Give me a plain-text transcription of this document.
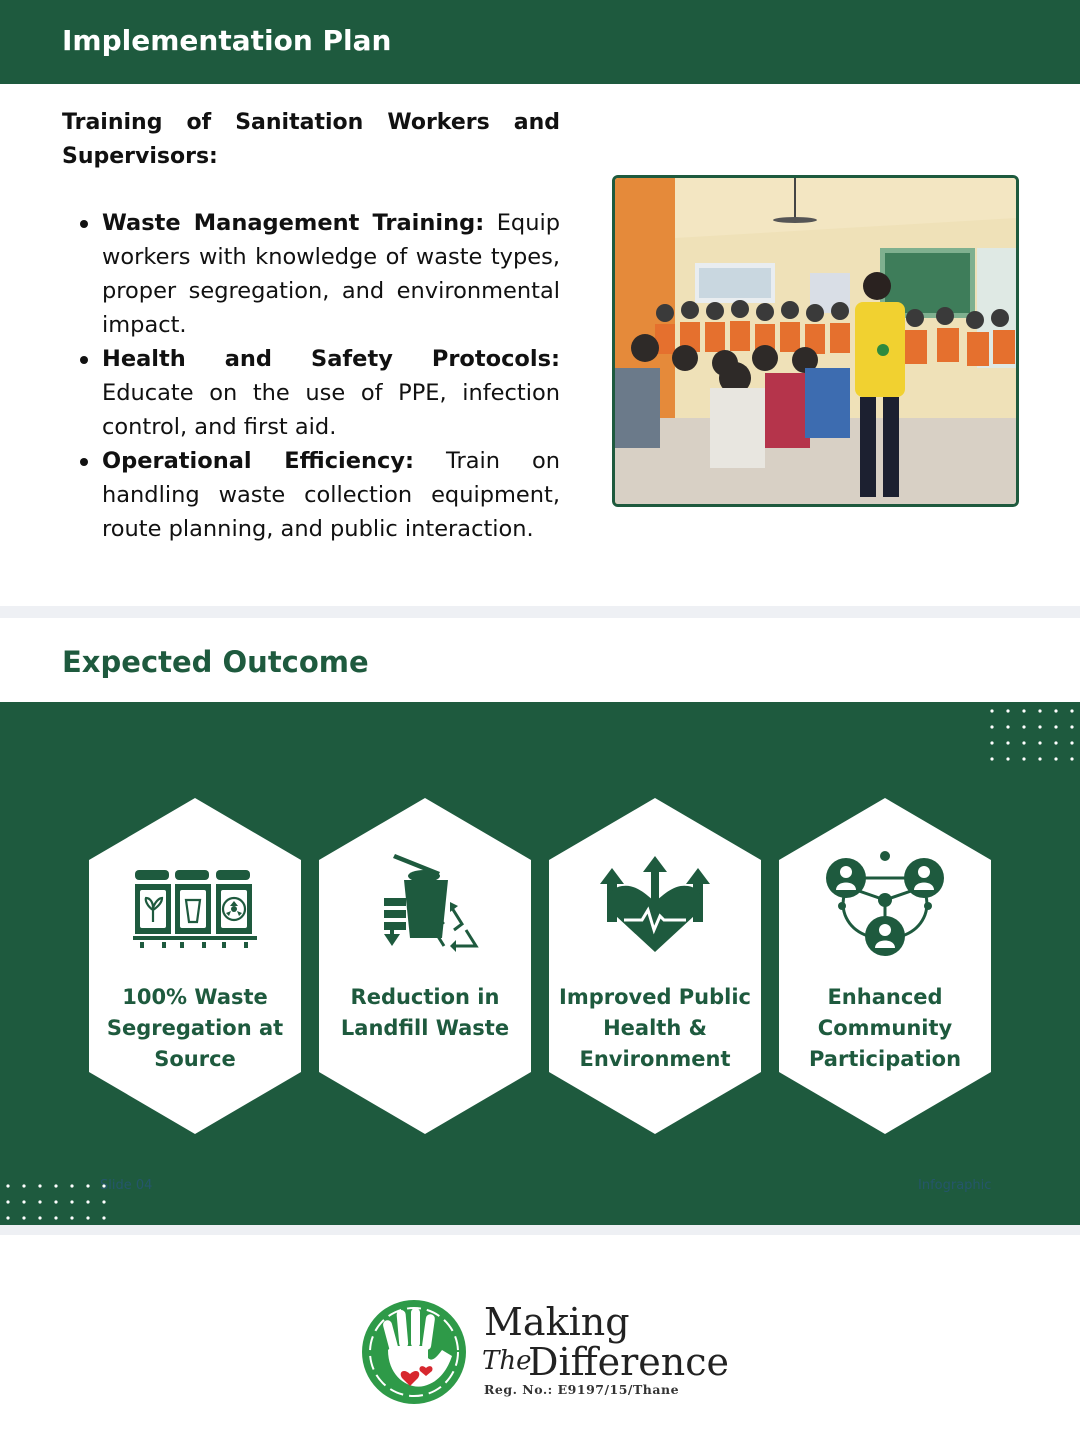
Implementation Plan
Training of Sanitation Workers and
Supervisors:
Waste Management Training: Equip workers with knowledge of waste types, proper segregation, and environmental impact.
Health and Safety Protocols: Educate on the use of PPE, infection control, and first aid.
Operational Efficiency: Train on handling waste collection equipment, route planning, and public interaction.
Expected Outcome
100% Waste Segregation at Source
Reduction in Landfill Waste
Improved Public Health & Environment
Enhanced Community Participation
Slide 04	Infographic
Making
The
Difference
Reg. No.: E9197/15/Thane
